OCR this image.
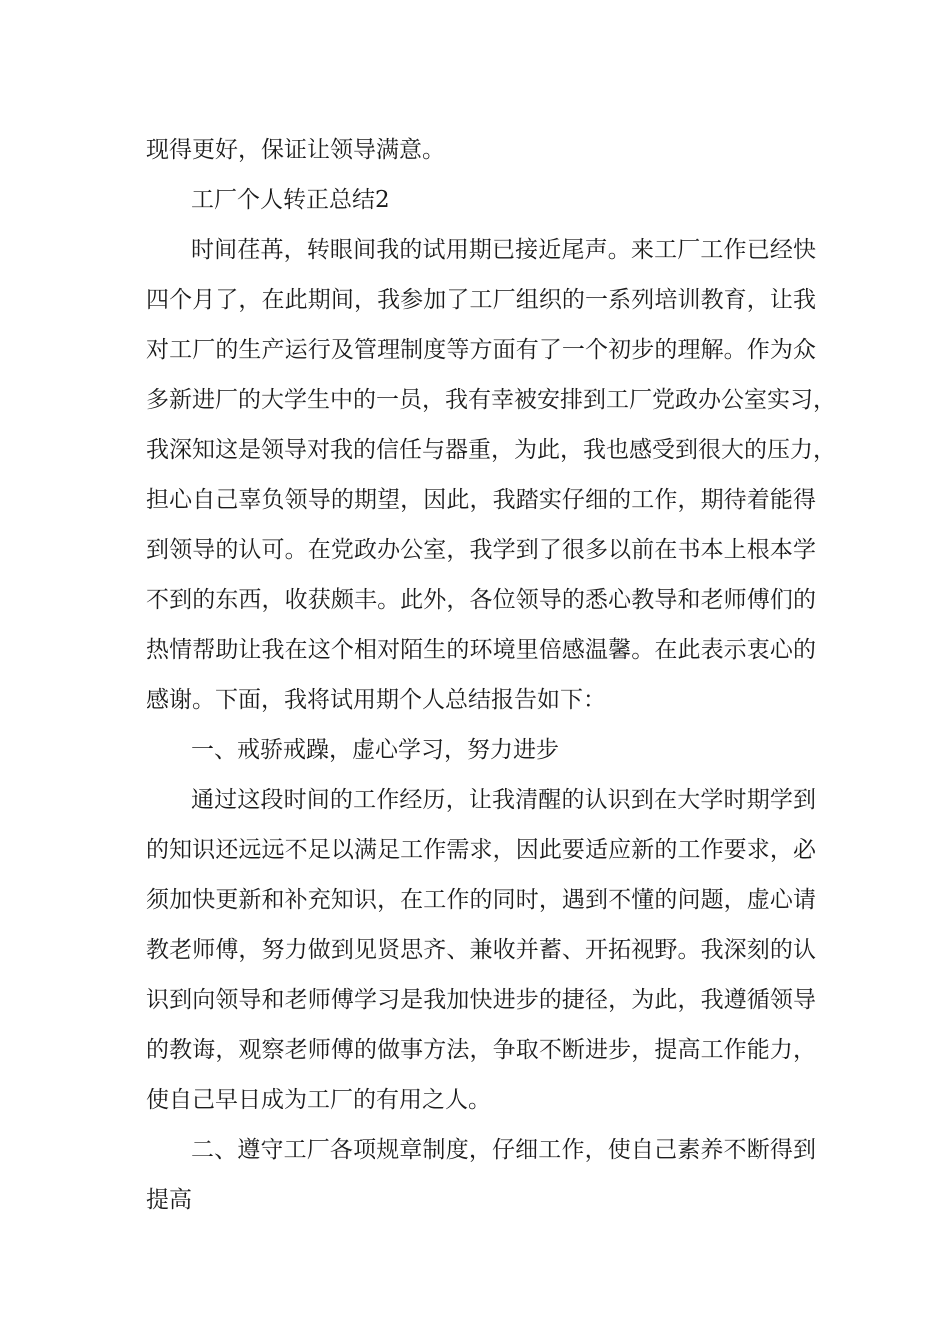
现得更好，保证让领导满意。
工厂个人转正总结2
时间荏苒，转眼间我的试用期已接近尾声。来工厂工作已经快
四个月了，在此期间，我参加了工厂组织的一系列培训教育，让我
对工厂的生产运行及管理制度等方面有了一个初步的理解。作为众
多新进厂的大学生中的一员，我有幸被安排到工厂党政办公室实习，
我深知这是领导对我的信任与器重，为此，我也感受到很大的压力，
担心自己辜负领导的期望，因此，我踏实仔细的工作，期待着能得
到领导的认可。在党政办公室，我学到了很多以前在书本上根本学
不到的东西，收获颇丰。此外，各位领导的悉心教导和老师傅们的
热情帮助让我在这个相对陌生的环境里倍感温馨。在此表示衷心的
感谢。下面，我将试用期个人总结报告如下：
一、戒骄戒躁，虚心学习，努力进步
通过这段时间的工作经历，让我清醒的认识到在大学时期学到
的知识还远远不足以满足工作需求，因此要适应新的工作要求，必
须加快更新和补充知识，在工作的同时，遇到不懂的问题，虚心请
教老师傅，努力做到见贤思齐、兼收并蓄、开拓视野。我深刻的认
识到向领导和老师傅学习是我加快进步的捷径，为此，我遵循领导
的教诲，观察老师傅的做事方法，争取不断进步，提高工作能力，
使自己早日成为工厂的有用之人。
二、遵守工厂各项规章制度，仔细工作，使自己素养不断得到
提高
